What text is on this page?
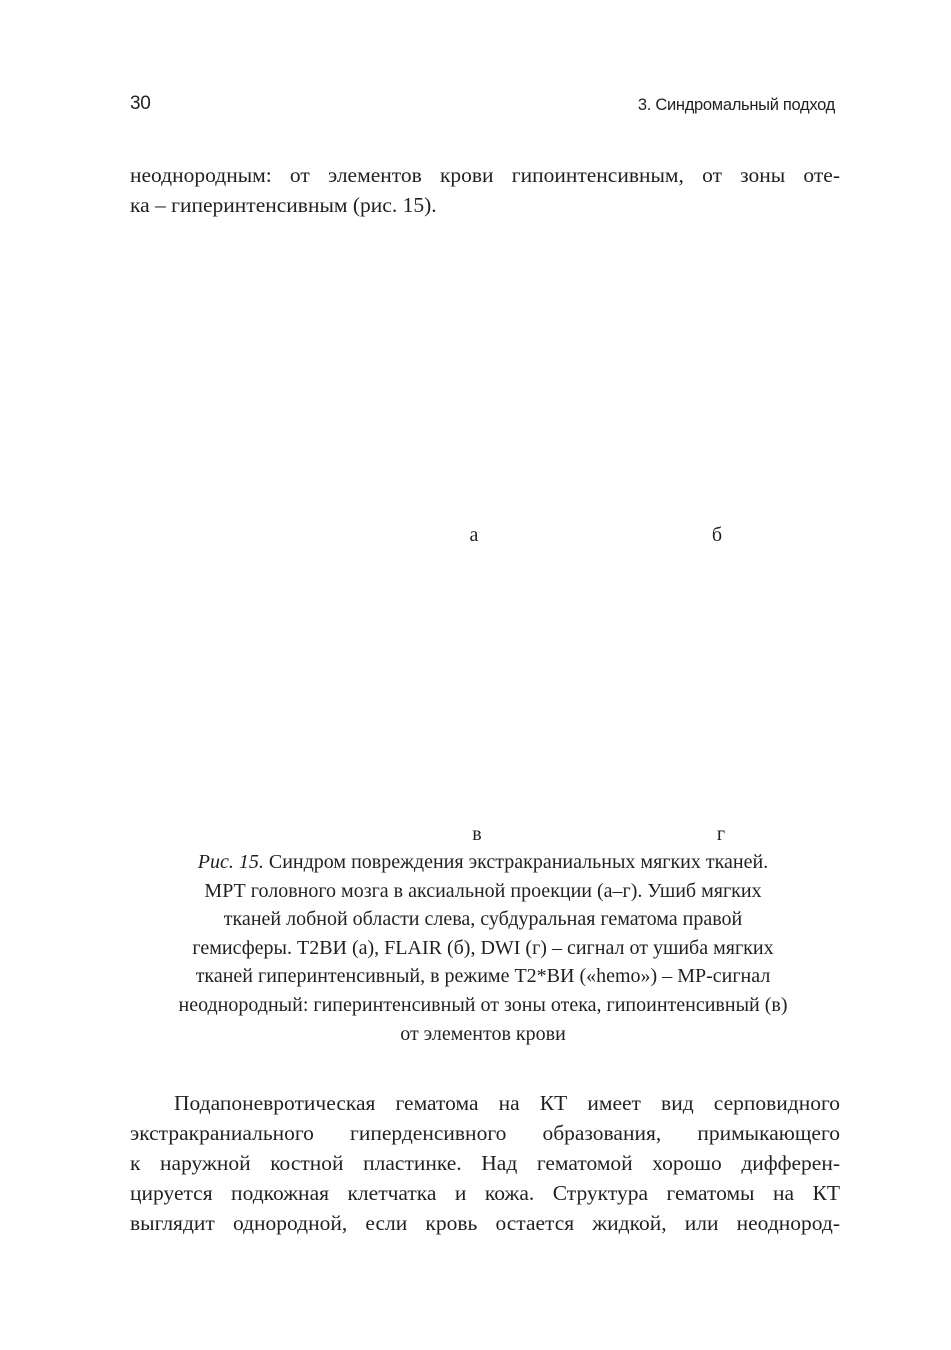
30	3. Синдромальный подход
неоднородным: от элементов крови гипоинтенсивным, от зоны оте-
ка – гиперинтенсивным (рис. 15).
а	б
в	г
Рис. 15. Синдром повреждения экстракраниальных мягких тканей.
МРТ головного мозга в аксиальной проекции (а–г). Ушиб мягких
тканей лобной области слева, субдуральная гематома правой
гемисферы. Т2ВИ (а), FLAIR (б), DWI (г) – сигнал от ушиба мягких
тканей гиперинтенсивный, в режиме Т2*ВИ («hemo») – МР-сигнал
неоднородный: гиперинтенсивный от зоны отека, гипоинтенсивный (в)
от элементов крови
Подапоневротическая гематома на КТ имеет вид серповидного
экстракраниального гиперденсивного образования, примыкающего
к наружной костной пластинке. Над гематомой хорошо дифферен-
цируется подкожная клетчатка и кожа. Структура гематомы на КТ
выглядит однородной, если кровь остается жидкой, или неоднород-
